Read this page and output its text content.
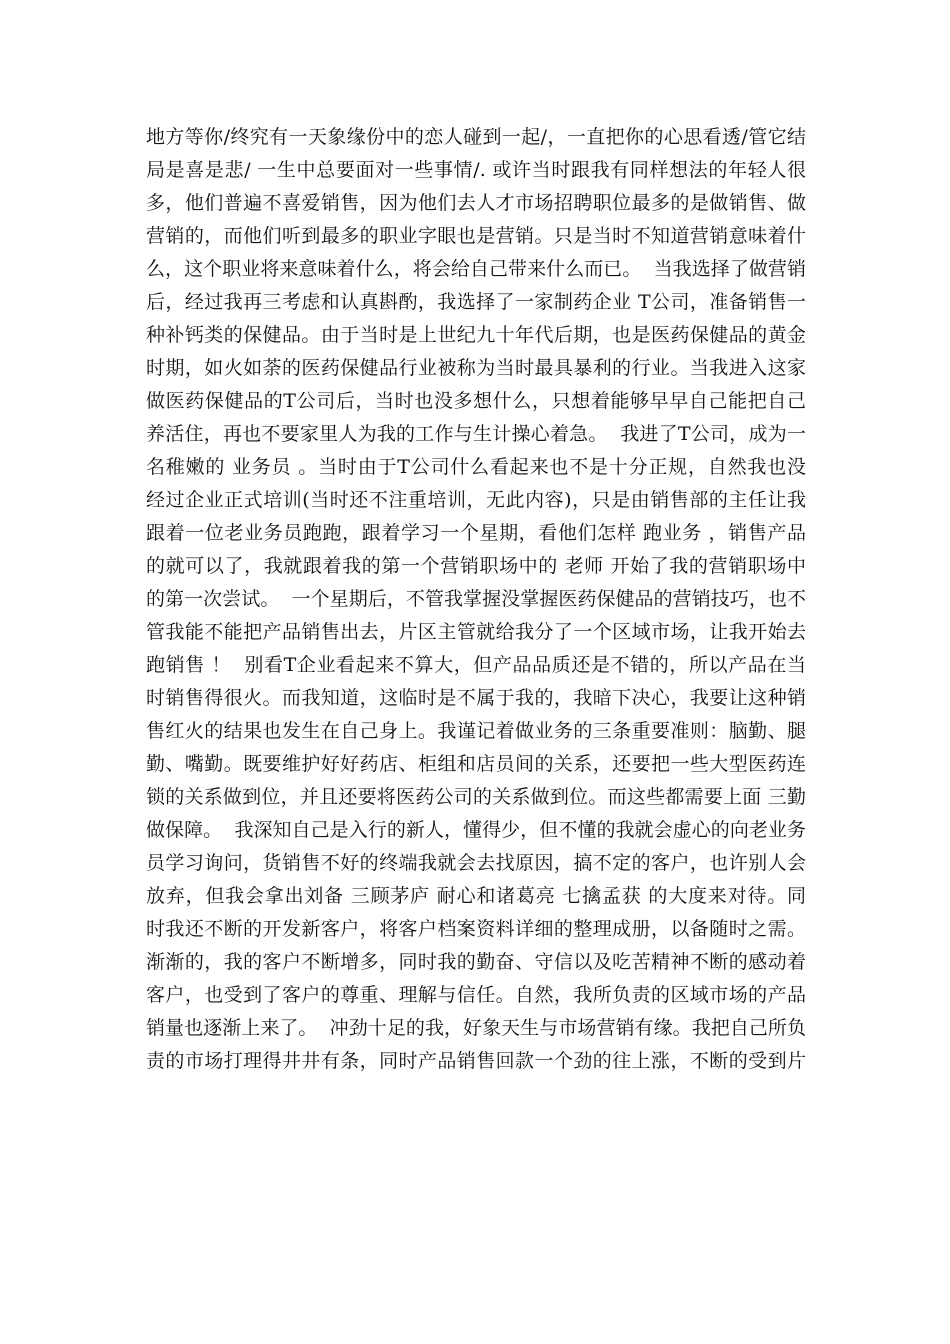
地方等你/终究有一天象缘份中的恋人碰到一起/，一直把你的心思看透/管它结
局是喜是悲/ 一生中总要面对一些事情/. 或许当时跟我有同样想法的年轻人很
多，他们普遍不喜爱销售，因为他们去人才市场招聘职位最多的是做销售、做
营销的，而他们听到最多的职业字眼也是营销。只是当时不知道营销意味着什
么，这个职业将来意味着什么，将会给自己带来什么而已。  当我选择了做营销
后，经过我再三考虑和认真斟酌，我选择了一家制药企业 T公司，准备销售一
种补钙类的保健品。由于当时是上世纪九十年代后期，也是医药保健品的黄金
时期，如火如荼的医药保健品行业被称为当时最具暴利的行业。当我进入这家
做医药保健品的T公司后，当时也没多想什么，只想着能够早早自己能把自己
养活住，再也不要家里人为我的工作与生计操心着急。  我进了T公司，成为一
名稚嫩的 业务员 。当时由于T公司什么看起来也不是十分正规，自然我也没
经过企业正式培训(当时还不注重培训，无此内容)，只是由销售部的主任让我
跟着一位老业务员跑跑，跟着学习一个星期，看他们怎样 跑业务 ，销售产品
的就可以了，我就跟着我的第一个营销职场中的 老师 开始了我的营销职场中
的第一次尝试。  一个星期后，不管我掌握没掌握医药保健品的营销技巧，也不
管我能不能把产品销售出去，片区主管就给我分了一个区域市场，让我开始去
跑销售 ！  别看T企业看起来不算大，但产品品质还是不错的，所以产品在当
时销售得很火。而我知道，这临时是不属于我的，我暗下决心，我要让这种销
售红火的结果也发生在自己身上。我谨记着做业务的三条重要准则：脑勤、腿
勤、嘴勤。既要维护好好药店、柜组和店员间的关系，还要把一些大型医药连
锁的关系做到位，并且还要将医药公司的关系做到位。而这些都需要上面 三勤
做保障。  我深知自己是入行的新人，懂得少，但不懂的我就会虚心的向老业务
员学习询问，货销售不好的终端我就会去找原因，搞不定的客户，也许别人会
放弃，但我会拿出刘备 三顾茅庐 耐心和诸葛亮 七擒孟获 的大度来对待。同
时我还不断的开发新客户，将客户档案资料详细的整理成册，以备随时之需。
渐渐的，我的客户不断增多，同时我的勤奋、守信以及吃苦精神不断的感动着
客户，也受到了客户的尊重、理解与信任。自然，我所负责的区域市场的产品
销量也逐渐上来了。  冲劲十足的我，好象天生与市场营销有缘。我把自己所负
责的市场打理得井井有条，同时产品销售回款一个劲的往上涨，不断的受到片
